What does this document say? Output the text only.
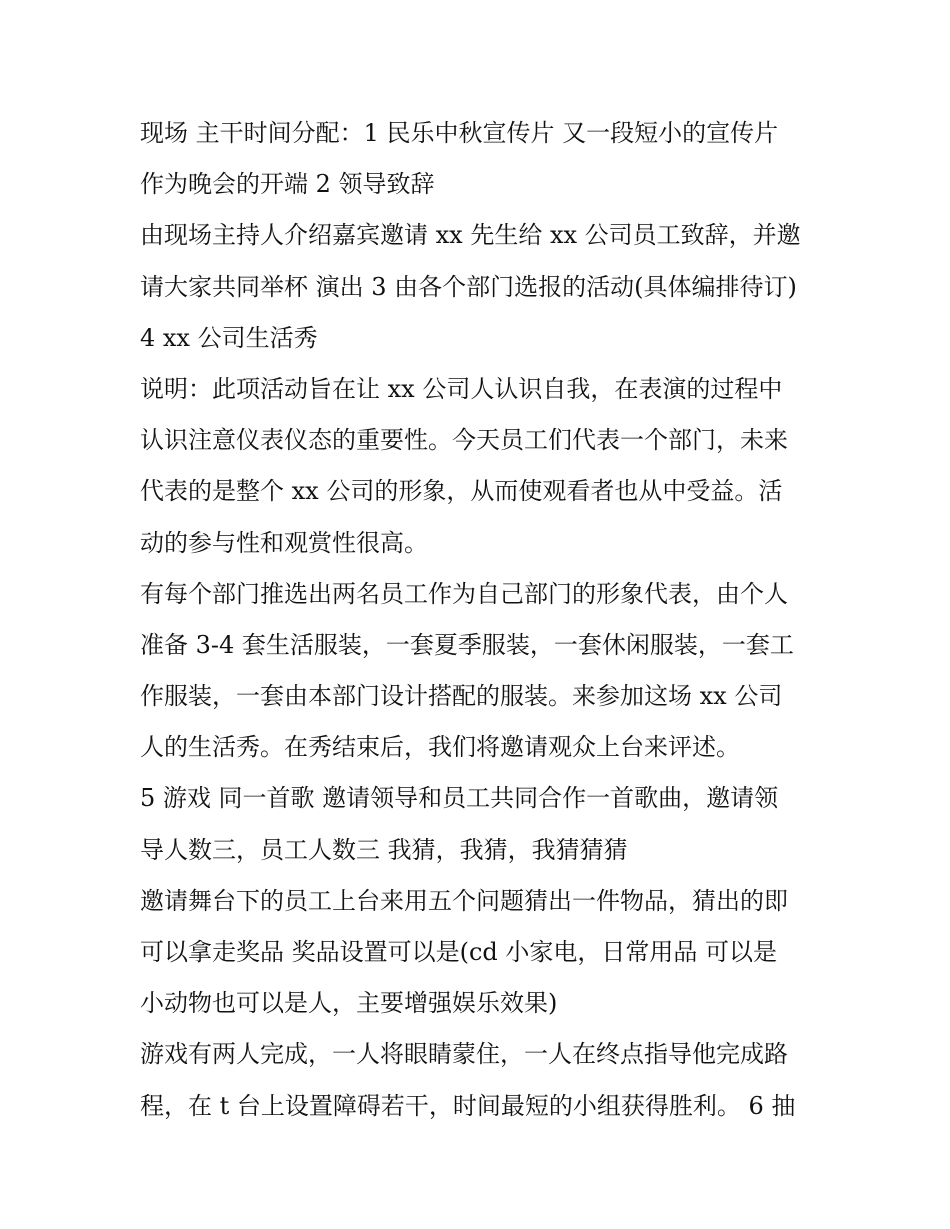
现场 主干时间分配：1 民乐中秋宣传片 又一段短小的宣传片
作为晚会的开端 2 领导致辞
由现场主持人介绍嘉宾邀请 xx 先生给 xx 公司员工致辞，并邀
请大家共同举杯 演出 3 由各个部门选报的活动(具体编排待订)
4 xx 公司生活秀
说明：此项活动旨在让 xx 公司人认识自我，在表演的过程中
认识注意仪表仪态的重要性。今天员工们代表一个部门，未来
代表的是整个 xx 公司的形象，从而使观看者也从中受益。活
动的参与性和观赏性很高。
有每个部门推选出两名员工作为自己部门的形象代表，由个人
准备 3-4 套生活服装，一套夏季服装，一套休闲服装，一套工
作服装，一套由本部门设计搭配的服装。来参加这场 xx 公司
人的生活秀。在秀结束后，我们将邀请观众上台来评述。
5 游戏 同一首歌 邀请领导和员工共同合作一首歌曲，邀请领
导人数三，员工人数三 我猜，我猜，我猜猜猜
邀请舞台下的员工上台来用五个问题猜出一件物品，猜出的即
可以拿走奖品 奖品设置可以是(cd 小家电，日常用品 可以是
小动物也可以是人，主要增强娱乐效果)
游戏有两人完成，一人将眼睛蒙住，一人在终点指导他完成路
程，在 t 台上设置障碍若干，时间最短的小组获得胜利。 6 抽
